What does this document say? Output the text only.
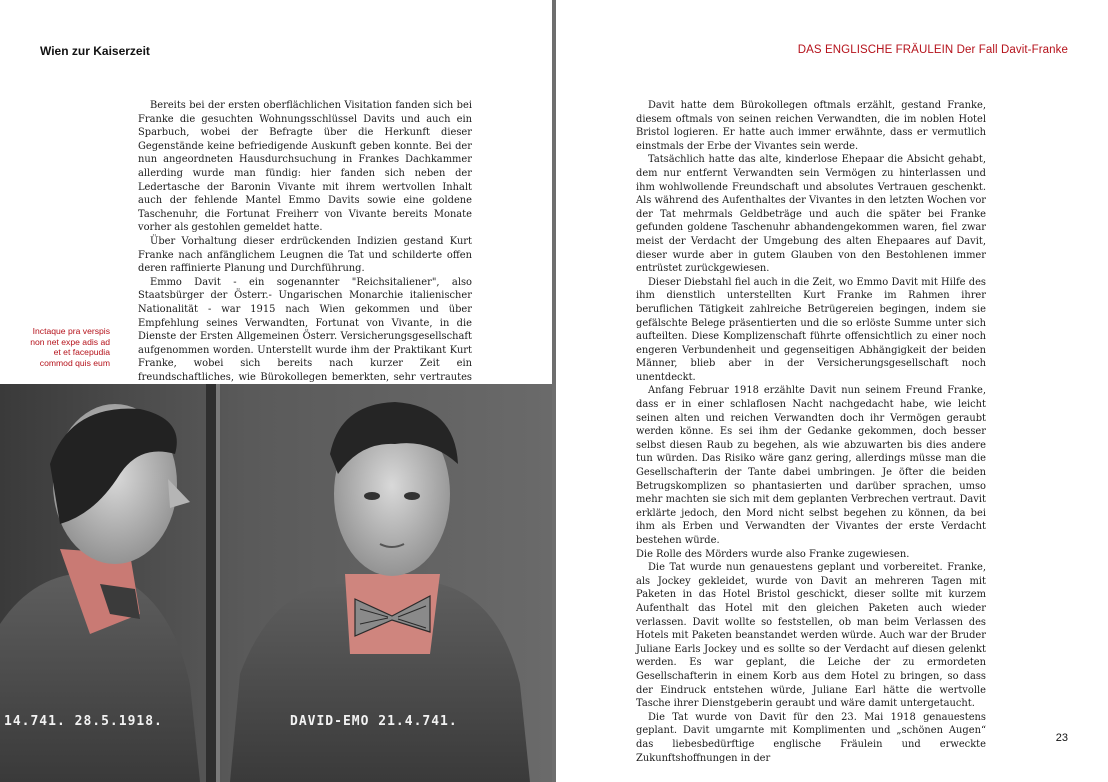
Wien zur Kaiserzeit

Bereits bei der ersten oberflächlichen Visitation fanden sich bei Franke die gesuchten Wohnungsschlüssel Davits und auch ein Sparbuch, wobei der Befragte über die Herkunft dieser Gegenstände keine befriedigende Auskunft geben konnte. Bei der nun angeordneten Hausdurchsuchung in Frankes Dachkammer allerding wurde man fündig: hier fanden sich neben der Ledertasche der Baronin Vivante mit ihrem wertvollen Inhalt auch der fehlende Mantel Emmo Davits sowie eine goldene Taschenuhr, die Fortunat Freiherr von Vivante bereits Monate vorher als gestohlen gemeldet hatte.

Über Vorhaltung dieser erdrückenden Indizien gestand Kurt Franke nach anfänglichem Leugnen die Tat und schilderte offen deren raffinierte Planung und Durchführung.

Emmo Davit - ein sogenannter "Reichsitaliener", also Staatsbürger der Österr.- Ungarischen Monarchie italienischer Nationalität - war 1915 nach Wien gekommen und über Empfehlung seines Verwandten, Fortunat von Vivante, in die Dienste der Ersten Allgemeinen Österr. Versicherungsgesellschaft aufgenommen worden. Unterstellt wurde ihm der Praktikant Kurt Franke, wobei sich bereits nach kurzer Zeit ein freundschaftliches, wie Bürokollegen bemerkten, sehr vertrautes

Inctaque pra verspis non net expe adis ad et et facepudia commod quis eum
14.741. 28.5.1918.	DAVID-EMO 21.4.741.
DAS ENGLISCHE FRÄULEIN Der Fall Davit-Franke

Davit hatte dem Bürokollegen oftmals erzählt, gestand Franke, diesem oftmals von seinen reichen Verwandten, die im noblen Hotel Bristol logieren. Er hatte auch immer erwähnte, dass er vermutlich einstmals der Erbe der Vivantes sein werde.

Tatsächlich hatte das alte, kinderlose Ehepaar die Absicht gehabt, dem nur entfernt Verwandten sein Vermögen zu hinterlassen und ihm wohlwollende Freundschaft und absolutes Vertrauen geschenkt. Als während des Aufenthaltes der Vivantes in den letzten Wochen vor der Tat mehrmals Geldbeträge und auch die später bei Franke gefunden goldene Taschenuhr abhandengekommen waren, fiel zwar meist der Verdacht der Umgebung des alten Ehepaares auf Davit, dieser wurde aber in gutem Glauben von den Bestohlenen immer entrüstet zurückgewiesen.

Dieser Diebstahl fiel auch in die Zeit, wo Emmo Davit mit Hilfe des ihm dienstlich unterstellten Kurt Franke im Rahmen ihrer beruflichen Tätigkeit zahlreiche Betrügereien begingen, indem sie gefälschte Belege präsentierten und die so erlöste Summe unter sich aufteilten. Diese Komplizenschaft führte offensichtlich zu einer noch engeren Verbundenheit und gegenseitigen Abhängigkeit der beiden Männer, blieb aber in der Versicherungsgesellschaft noch unentdeckt.

Anfang Februar 1918 erzählte Davit nun seinem Freund Franke, dass er in einer schlaflosen Nacht nachgedacht habe, wie leicht seinen alten und reichen Verwandten doch ihr Vermögen geraubt werden könne. Es sei ihm der Gedanke gekommen, doch besser selbst diesen Raub zu begehen, als wie abzuwarten bis dies andere tun würden. Das Risiko wäre ganz gering, allerdings müsse man die Gesellschafterin der Tante dabei umbringen. Je öfter die beiden Betrugskomplizen so phantasierten und darüber sprachen, umso mehr machten sie sich mit dem geplanten Verbrechen vertraut. Davit erklärte jedoch, den Mord nicht selbst begehen zu können, da bei ihm als Erben und Verwandten der Vivantes der erste Verdacht bestehen würde.

Die Rolle des Mörders wurde also Franke zugewiesen.

Die Tat wurde nun genauestens geplant und vorbereitet. Franke, als Jockey gekleidet, wurde von Davit an mehreren Tagen mit Paketen in das Hotel Bristol geschickt, dieser sollte mit kurzem Aufenthalt das Hotel mit den gleichen Paketen auch wieder verlassen. Davit wollte so feststellen, ob man beim Verlassen des Hotels mit Paketen beanstandet werden würde. Auch war der Bruder Juliane Earls Jockey und es sollte so der Verdacht auf diesen gelenkt werden. Es war geplant, die Leiche der zu ermordeten Gesellschafterin in einem Korb aus dem Hotel zu bringen, so dass der Eindruck entstehen würde, Juliane Earl hätte die wertvolle Tasche ihrer Dienstgeberin geraubt und wäre damit untergetaucht.

Die Tat wurde von Davit für den 23. Mai 1918 genauestens geplant. Davit umgarnte mit Komplimenten und „schönen Augen“ das liebesbedürftige englische Fräulein und erweckte Zukunftshoffnungen in der

23
